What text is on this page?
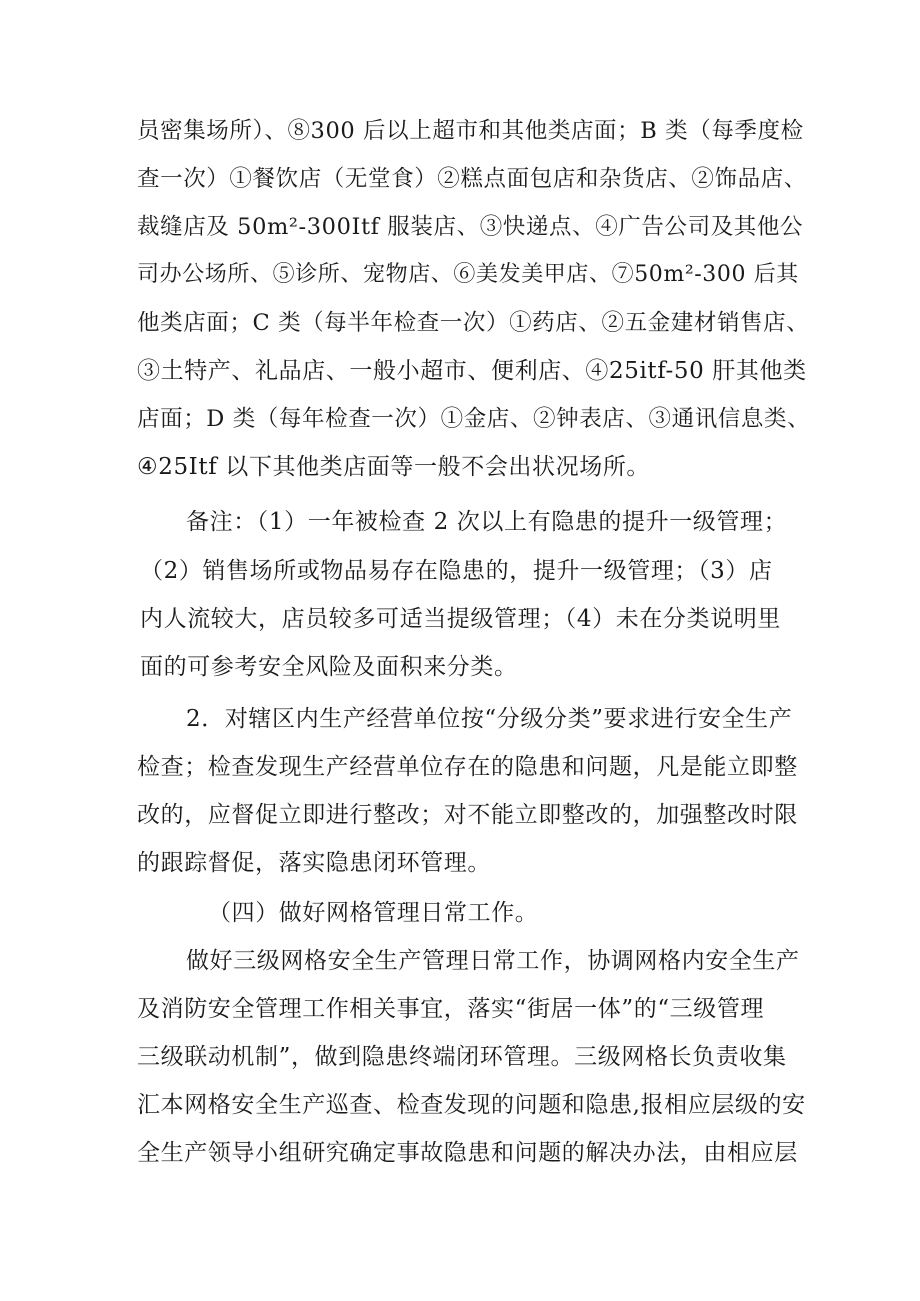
员密集场所）、⑧300 后以上超市和其他类店面；B 类（每季度检
查一次）①餐饮店（无堂食）②糕点面包店和杂货店、②饰品店、
裁缝店及 50m²-300Itf 服装店、③快递点、④广告公司及其他公
司办公场所、⑤诊所、宠物店、⑥美发美甲店、⑦50m²-300 后其
他类店面；C 类（每半年检查一次）①药店、②五金建材销售店、
③土特产、礼品店、一般小超市、便利店、④25itf-50 肝其他类
店面；D 类（每年检查一次）①金店、②钟表店、③通讯信息类、
④25Itf 以下其他类店面等一般不会出状况场所。
备注：（1）一年被检查 2 次以上有隐患的提升一级管理；
（2）销售场所或物品易存在隐患的，提升一级管理；（3）店
内人流较大，店员较多可适当提级管理；（4）未在分类说明里
面的可参考安全风险及面积来分类。
2．对辖区内生产经营单位按“分级分类”要求进行安全生产
检查；检查发现生产经营单位存在的隐患和问题，凡是能立即整
改的，应督促立即进行整改；对不能立即整改的，加强整改时限
的跟踪督促，落实隐患闭环管理。
（四）做好网格管理日常工作。
做好三级网格安全生产管理日常工作，协调网格内安全生产
及消防安全管理工作相关事宜，落实“街居一体”的“三级管理
三级联动机制”，做到隐患终端闭环管理。三级网格长负责收集
汇本网格安全生产巡查、检查发现的问题和隐患,报相应层级的安
全生产领导小组研究确定事故隐患和问题的解决办法，由相应层
